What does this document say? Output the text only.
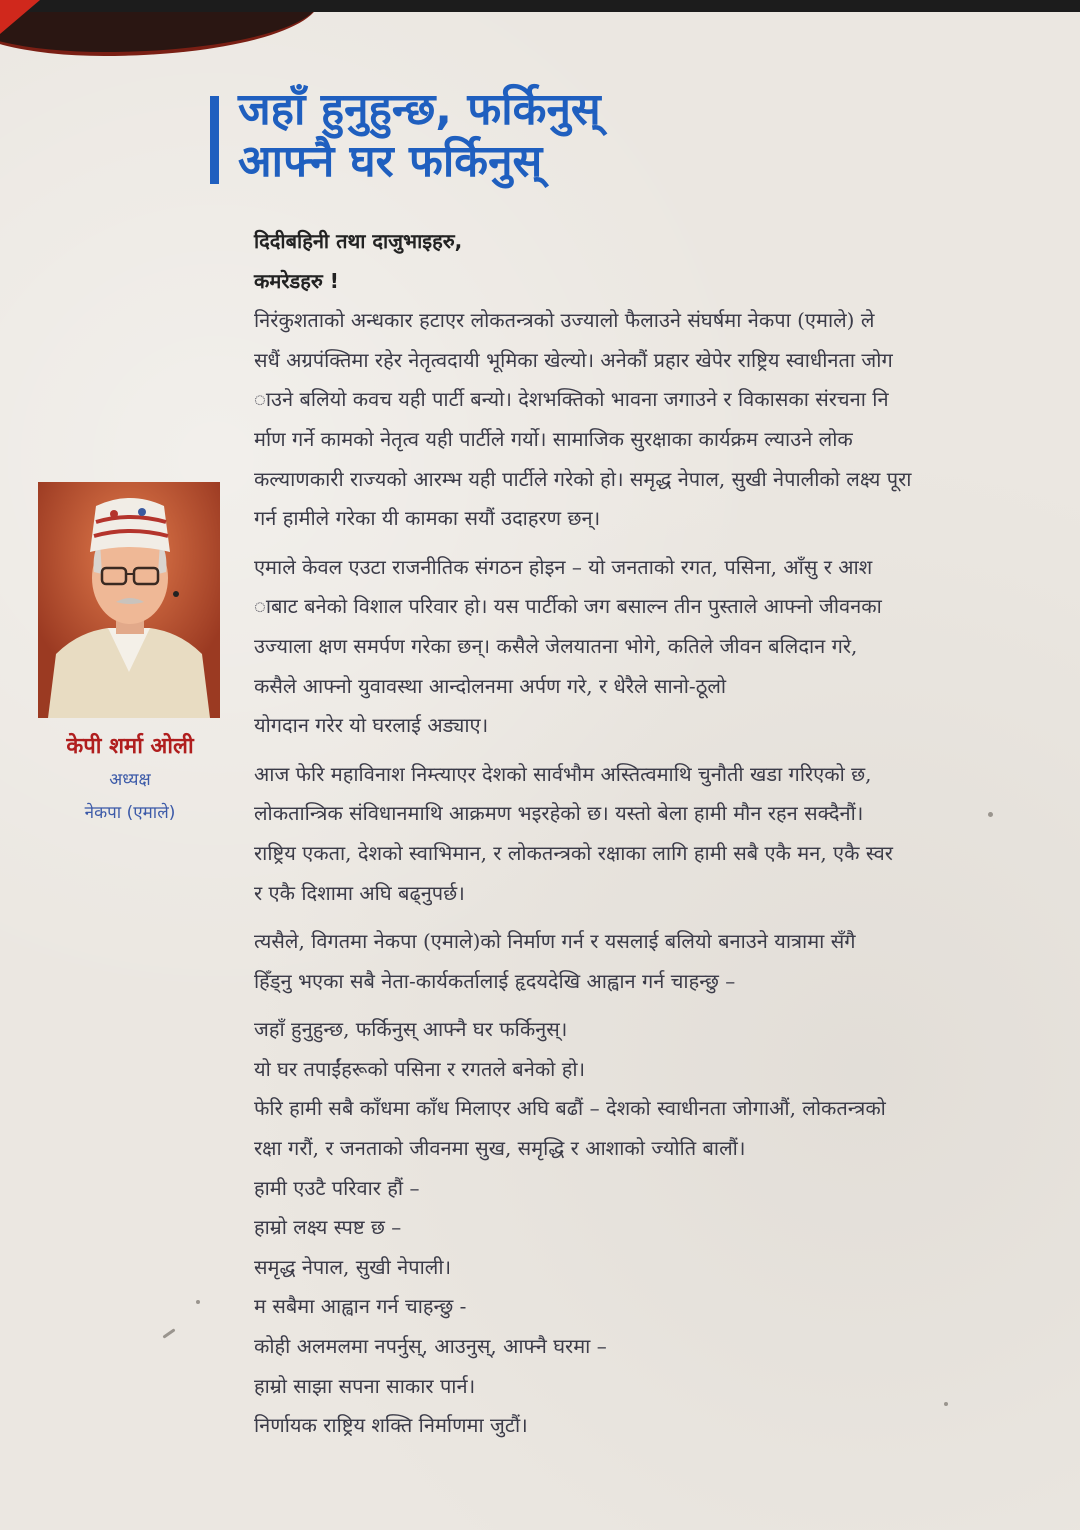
जहाँ हुनुहुन्छ, फर्किनुस्
आफ्नै घर फर्किनुस्
केपी शर्मा ओली
अध्यक्ष
नेकपा (एमाले)
दिदीबहिनी तथा दाजुभाइहरु,
कमरेडहरु !
निरंकुशताको अन्धकार हटाएर लोकतन्त्रको उज्यालो फैलाउने संघर्षमा नेकपा (एमाले) ले
सधैं अग्रपंक्तिमा रहेर नेतृत्वदायी भूमिका खेल्यो। अनेकौं प्रहार खेपेर राष्ट्रिय स्वाधीनता जोग
ाउने बलियो कवच यही पार्टी बन्यो। देशभक्तिको भावना जगाउने र विकासका संरचना नि
र्माण गर्ने कामको नेतृत्व यही पार्टीले गर्यो। सामाजिक सुरक्षाका कार्यक्रम ल्याउने लोक
कल्याणकारी राज्यको आरम्भ यही पार्टीले गरेको हो। समृद्ध नेपाल, सुखी नेपालीको लक्ष्य पूरा
गर्न हामीले गरेका यी कामका सयौं उदाहरण छन्।
एमाले केवल एउटा राजनीतिक संगठन होइन – यो जनताको रगत, पसिना, आँसु र आश
ाबाट बनेको विशाल परिवार हो। यस पार्टीको जग बसाल्न तीन पुस्ताले आफ्नो जीवनका
उज्याला क्षण समर्पण गरेका छन्। कसैले जेलयातना भोगे, कतिले जीवन बलिदान गरे,
कसैले आफ्नो युवावस्था आन्दोलनमा अर्पण गरे, र धेरैले सानो-ठूलो
योगदान गरेर यो घरलाई अड्याए।
आज फेरि महाविनाश निम्त्याएर देशको सार्वभौम अस्तित्वमाथि चुनौती खडा गरिएको छ,
लोकतान्त्रिक संविधानमाथि आक्रमण भइरहेको छ। यस्तो बेला हामी मौन रहन सक्दैनौं।
राष्ट्रिय एकता, देशको स्वाभिमान, र लोकतन्त्रको रक्षाका लागि हामी सबै एकै मन, एकै स्वर
र एकै दिशामा अघि बढ्नुपर्छ।
त्यसैले, विगतमा नेकपा (एमाले)को निर्माण गर्न र यसलाई बलियो बनाउने यात्रामा सँगै
हिँड्नु भएका सबै नेता-कार्यकर्तालाई हृदयदेखि आह्वान गर्न चाहन्छु –
जहाँ हुनुहुन्छ, फर्किनुस् आफ्नै घर फर्किनुस्।
यो घर तपाईंहरूको पसिना र रगतले बनेको हो।
फेरि हामी सबै काँधमा काँध मिलाएर अघि बढौं – देशको स्वाधीनता जोगाऔं, लोकतन्त्रको
रक्षा गरौं, र जनताको जीवनमा सुख, समृद्धि र आशाको ज्योति बालौं।
हामी एउटै परिवार हौं –
हाम्रो लक्ष्य स्पष्ट छ –
समृद्ध नेपाल, सुखी नेपाली।
म सबैमा आह्वान गर्न चाहन्छु -
कोही अलमलमा नपर्नुस्, आउनुस्, आफ्नै घरमा –
हाम्रो साझा सपना साकार पार्न।
निर्णायक राष्ट्रिय शक्ति निर्माणमा जुटौं।
